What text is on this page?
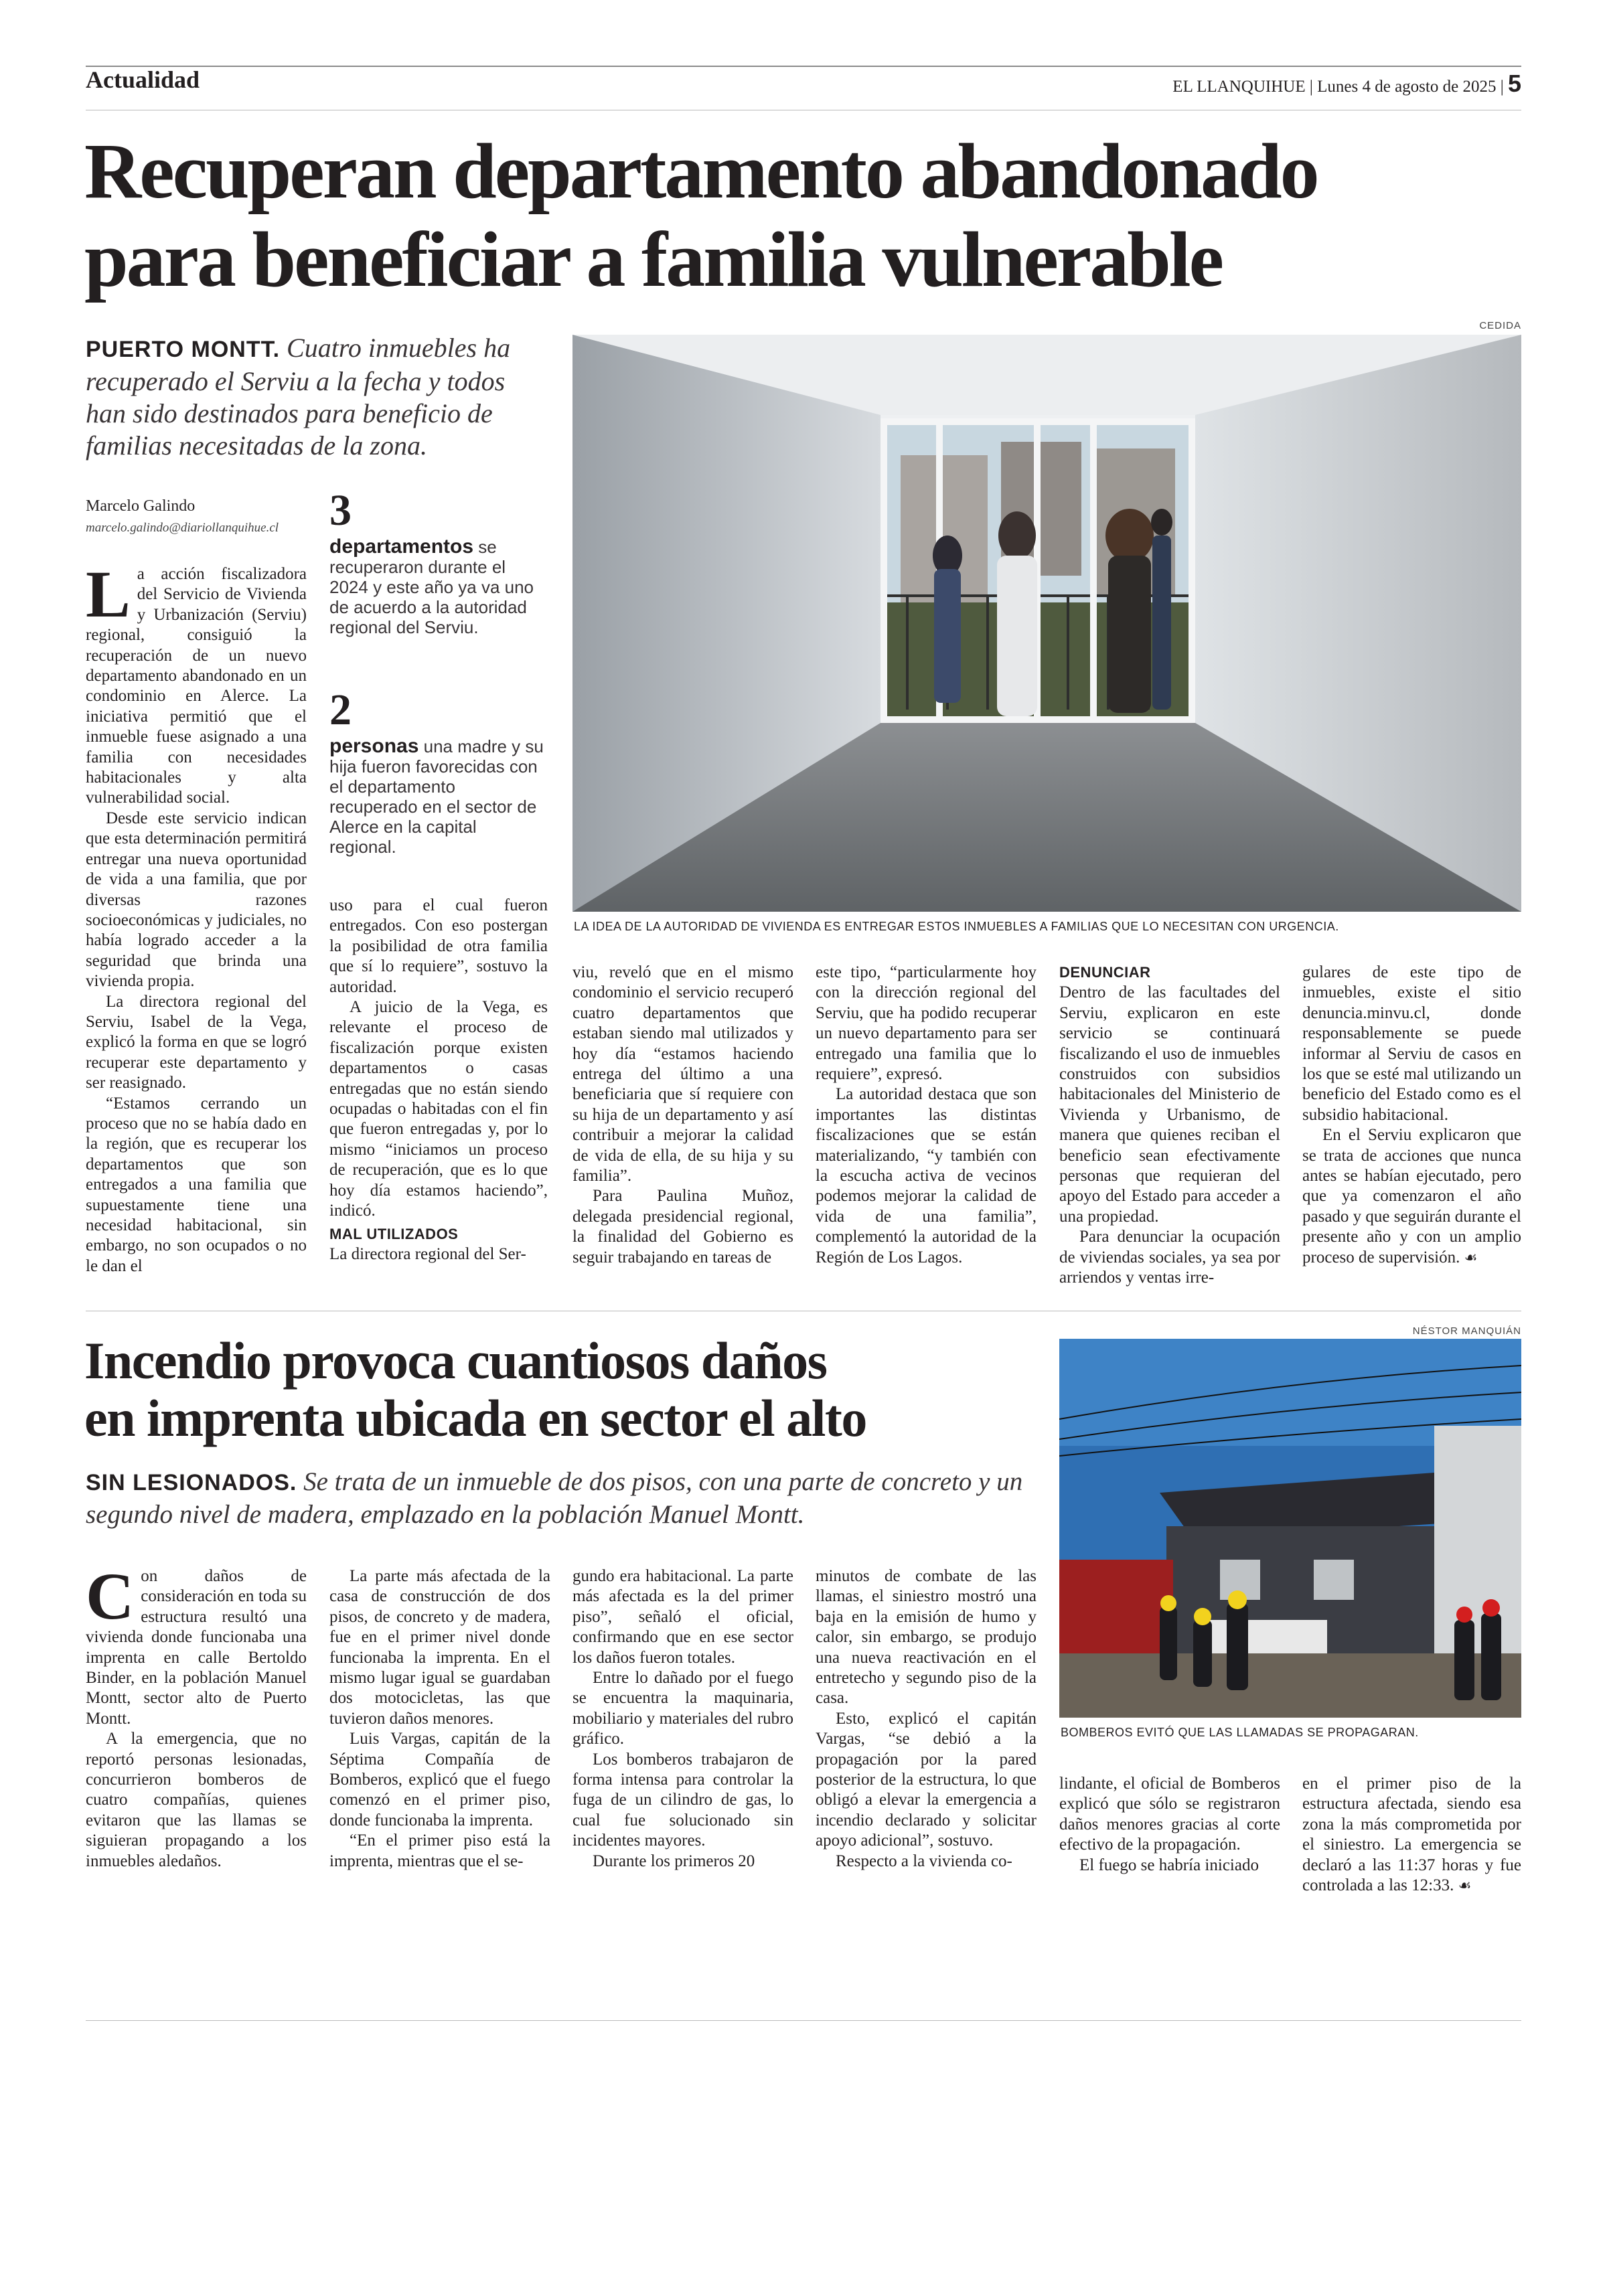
Actualidad	EL LLANQUIHUE | Lunes 4 de agosto de 2025 | 5
Recuperan departamento abandonado
para beneficiar a familia vulnerable
CEDIDA
PUERTO MONTT. Cuatro inmuebles ha recuperado el Serviu a la fecha y todos han sido destinados para beneficio de familias necesitadas de la zona.
LA IDEA DE LA AUTORIDAD DE VIVIENDA ES ENTREGAR ESTOS INMUEBLES A FAMILIAS QUE LO NECESITAN CON URGENCIA.
Marcelo Galindo
marcelo.galindo@diariollanquihue.cl 3
departamentos se recuperaron durante el 2024 y este año ya va uno de acuerdo a la autoridad regional del Serviu.
2
personas una madre y su hija fueron favorecidas con el departamento recuperado en el sector de Alerce en la capital regional.

La acción fiscalizadora del Servicio de Vivienda y Urbanización (Serviu) regional, consiguió la recuperación de un nuevo departamento abandonado en un condominio en Alerce. La iniciativa permitió que el inmueble fuese asignado a una familia con necesidades habitacionales y alta vulnerabilidad social.

Desde este servicio indican que esta determinación permitirá entregar una nueva oportunidad de vida a una familia, que por diversas razones socioeconómicas y judiciales, no había logrado acceder a la seguridad que brinda una vivienda propia.

La directora regional del Serviu, Isabel de la Vega, explicó la forma en que se logró recuperar este departamento y ser reasignado.

“Estamos cerrando un proceso que no se había dado en la región, que es recuperar los departamentos que son entregados a una familia que supuestamente tiene una necesidad habitacional, sin embargo, no son ocupados o no le dan el

uso para el cual fueron entregados. Con eso postergan la posibilidad de otra familia que sí lo requiere”, sostuvo la autoridad.

A juicio de la Vega, es relevante el proceso de fiscalización porque existen departamentos o casas entregadas que no están siendo ocupadas o habitadas con el fin que fueron entregadas y, por lo mismo “iniciamos un proceso de recuperación, que es lo que hoy día estamos haciendo”, indicó.

MAL UTILIZADOS

La directora regional del Ser-

viu, reveló que en el mismo condominio el servicio recuperó cuatro departamentos que estaban siendo mal utilizados y hoy día “estamos haciendo entrega del último a una beneficiaria que sí requiere con su hija de un departamento y así contribuir a mejorar la calidad de vida de ella, de su hija y su familia”.

Para Paulina Muñoz, delegada presidencial regional, la finalidad del Gobierno es seguir trabajando en tareas de

este tipo, “particularmente hoy con la dirección regional del Serviu, que ha podido recuperar un nuevo departamento para ser entregado una familia que lo requiere”, expresó.

La autoridad destaca que son importantes las distintas fiscalizaciones que se están materializando, “y también con la escucha activa de vecinos podemos mejorar la calidad de vida de una familia”, complementó la autoridad de la Región de Los Lagos.

DENUNCIAR

Dentro de las facultades del Serviu, explicaron en este servicio se continuará fiscalizando el uso de inmuebles construidos con subsidios habitacionales del Ministerio de Vivienda y Urbanismo, de manera que quienes reciban el beneficio sean efectivamente personas que requieran del apoyo del Estado para acceder a una propiedad.

Para denunciar la ocupación de viviendas sociales, ya sea por arriendos y ventas irre-

gulares de este tipo de inmuebles, existe el sitio denuncia.minvu.cl, donde responsablemente se puede informar al Serviu de casos en los que se esté mal utilizando un beneficio del Estado como es el subsidio habitacional.

En el Serviu explicaron que se trata de acciones que nunca antes se habían ejecutado, pero que ya comenzaron el año pasado y que seguirán durante el presente año y con un amplio proceso de supervisión. ☙

Incendio provoca cuantiosos daños
en imprenta ubicada en sector el alto
SIN LESIONADOS. Se trata de un inmueble de dos pisos, con una parte de concreto y un segundo nivel de madera, emplazado en la población Manuel Montt.
NÉSTOR MANQUIÁN
BOMBEROS EVITÓ QUE LAS LLAMADAS SE PROPAGARAN.

Con daños de consideración en toda su estructura resultó una vivienda donde funcionaba una imprenta en calle Bertoldo Binder, en la población Manuel Montt, sector alto de Puerto Montt.

A la emergencia, que no reportó personas lesionadas, concurrieron bomberos de cuatro compañías, quienes evitaron que las llamas se siguieran propagando a los inmuebles aledaños.

La parte más afectada de la casa de construcción de dos pisos, de concreto y de madera, fue en el primer nivel donde funcionaba la imprenta. En el mismo lugar igual se guardaban dos motocicletas, las que tuvieron daños menores.

Luis Vargas, capitán de la Séptima Compañía de Bomberos, explicó que el fuego comenzó en el primer piso, donde funcionaba la imprenta.

“En el primer piso está la imprenta, mientras que el se-

gundo era habitacional. La parte más afectada es la del primer piso”, señaló el oficial, confirmando que en ese sector los daños fueron totales.

Entre lo dañado por el fuego se encuentra la maquinaria, mobiliario y materiales del rubro gráfico.

Los bomberos trabajaron de forma intensa para controlar la fuga de un cilindro de gas, lo cual fue solucionado sin incidentes mayores.

Durante los primeros 20

minutos de combate de las llamas, el siniestro mostró una baja en la emisión de humo y calor, sin embargo, se produjo una nueva reactivación en el entretecho y segundo piso de la casa.

Esto, explicó el capitán Vargas, “se debió a la propagación por la pared posterior de la estructura, lo que obligó a elevar la emergencia a incendio declarado y solicitar apoyo adicional”, sostuvo.

Respecto a la vivienda co-

lindante, el oficial de Bomberos explicó que sólo se registraron daños menores gracias al corte efectivo de la propagación.

El fuego se habría iniciado

en el primer piso de la estructura afectada, siendo esa zona la más comprometida por el siniestro. La emergencia se declaró a las 11:37 horas y fue controlada a las 12:33. ☙
